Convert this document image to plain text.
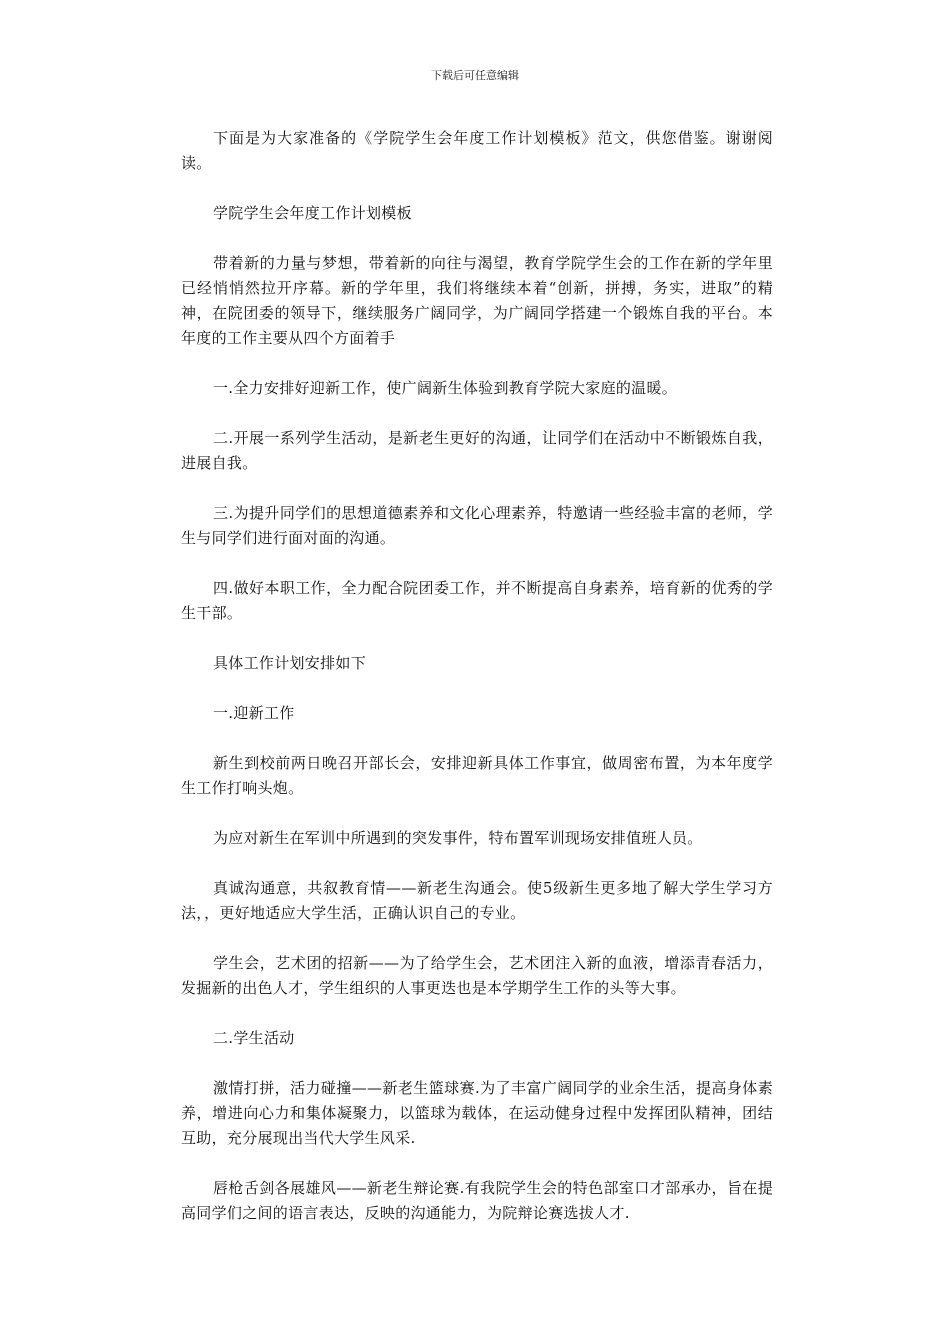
下载后可任意编辑

下面是为大家准备的《学院学生会年度工作计划模板》范文，供您借鉴。谢谢阅读。

学院学生会年度工作计划模板

带着新的力量与梦想，带着新的向往与渴望，教育学院学生会的工作在新的学年里已经悄悄然拉开序幕。新的学年里，我们将继续本着“创新，拼搏，务实，进取”的精神，在院团委的领导下，继续服务广阔同学，为广阔同学搭建一个锻炼自我的平台。本年度的工作主要从四个方面着手

一.全力安排好迎新工作，使广阔新生体验到教育学院大家庭的温暖。

二.开展一系列学生活动，是新老生更好的沟通，让同学们在活动中不断锻炼自我，进展自我。

三.为提升同学们的思想道德素养和文化心理素养，特邀请一些经验丰富的老师，学生与同学们进行面对面的沟通。

四.做好本职工作，全力配合院团委工作，并不断提高自身素养，培育新的优秀的学生干部。

具体工作计划安排如下

一.迎新工作

新生到校前两日晚召开部长会，安排迎新具体工作事宜，做周密布置，为本年度学生工作打响头炮。

为应对新生在军训中所遇到的突发事件，特布置军训现场安排值班人员。

真诚沟通意，共叙教育情——新老生沟通会。使5级新生更多地了解大学生学习方法，，更好地适应大学生活，正确认识自己的专业。

学生会，艺术团的招新——为了给学生会，艺术团注入新的血液，增添青春活力，发掘新的出色人才，学生组织的人事更迭也是本学期学生工作的头等大事。

二.学生活动

激情打拼，活力碰撞——新老生篮球赛.为了丰富广阔同学的业余生活，提高身体素养，增进向心力和集体凝聚力，以篮球为载体，在运动健身过程中发挥团队精神，团结互助，充分展现出当代大学生风采.

唇枪舌剑各展雄风——新老生辩论赛.有我院学生会的特色部室口才部承办，旨在提高同学们之间的语言表达，反映的沟通能力，为院辩论赛选拔人才.
